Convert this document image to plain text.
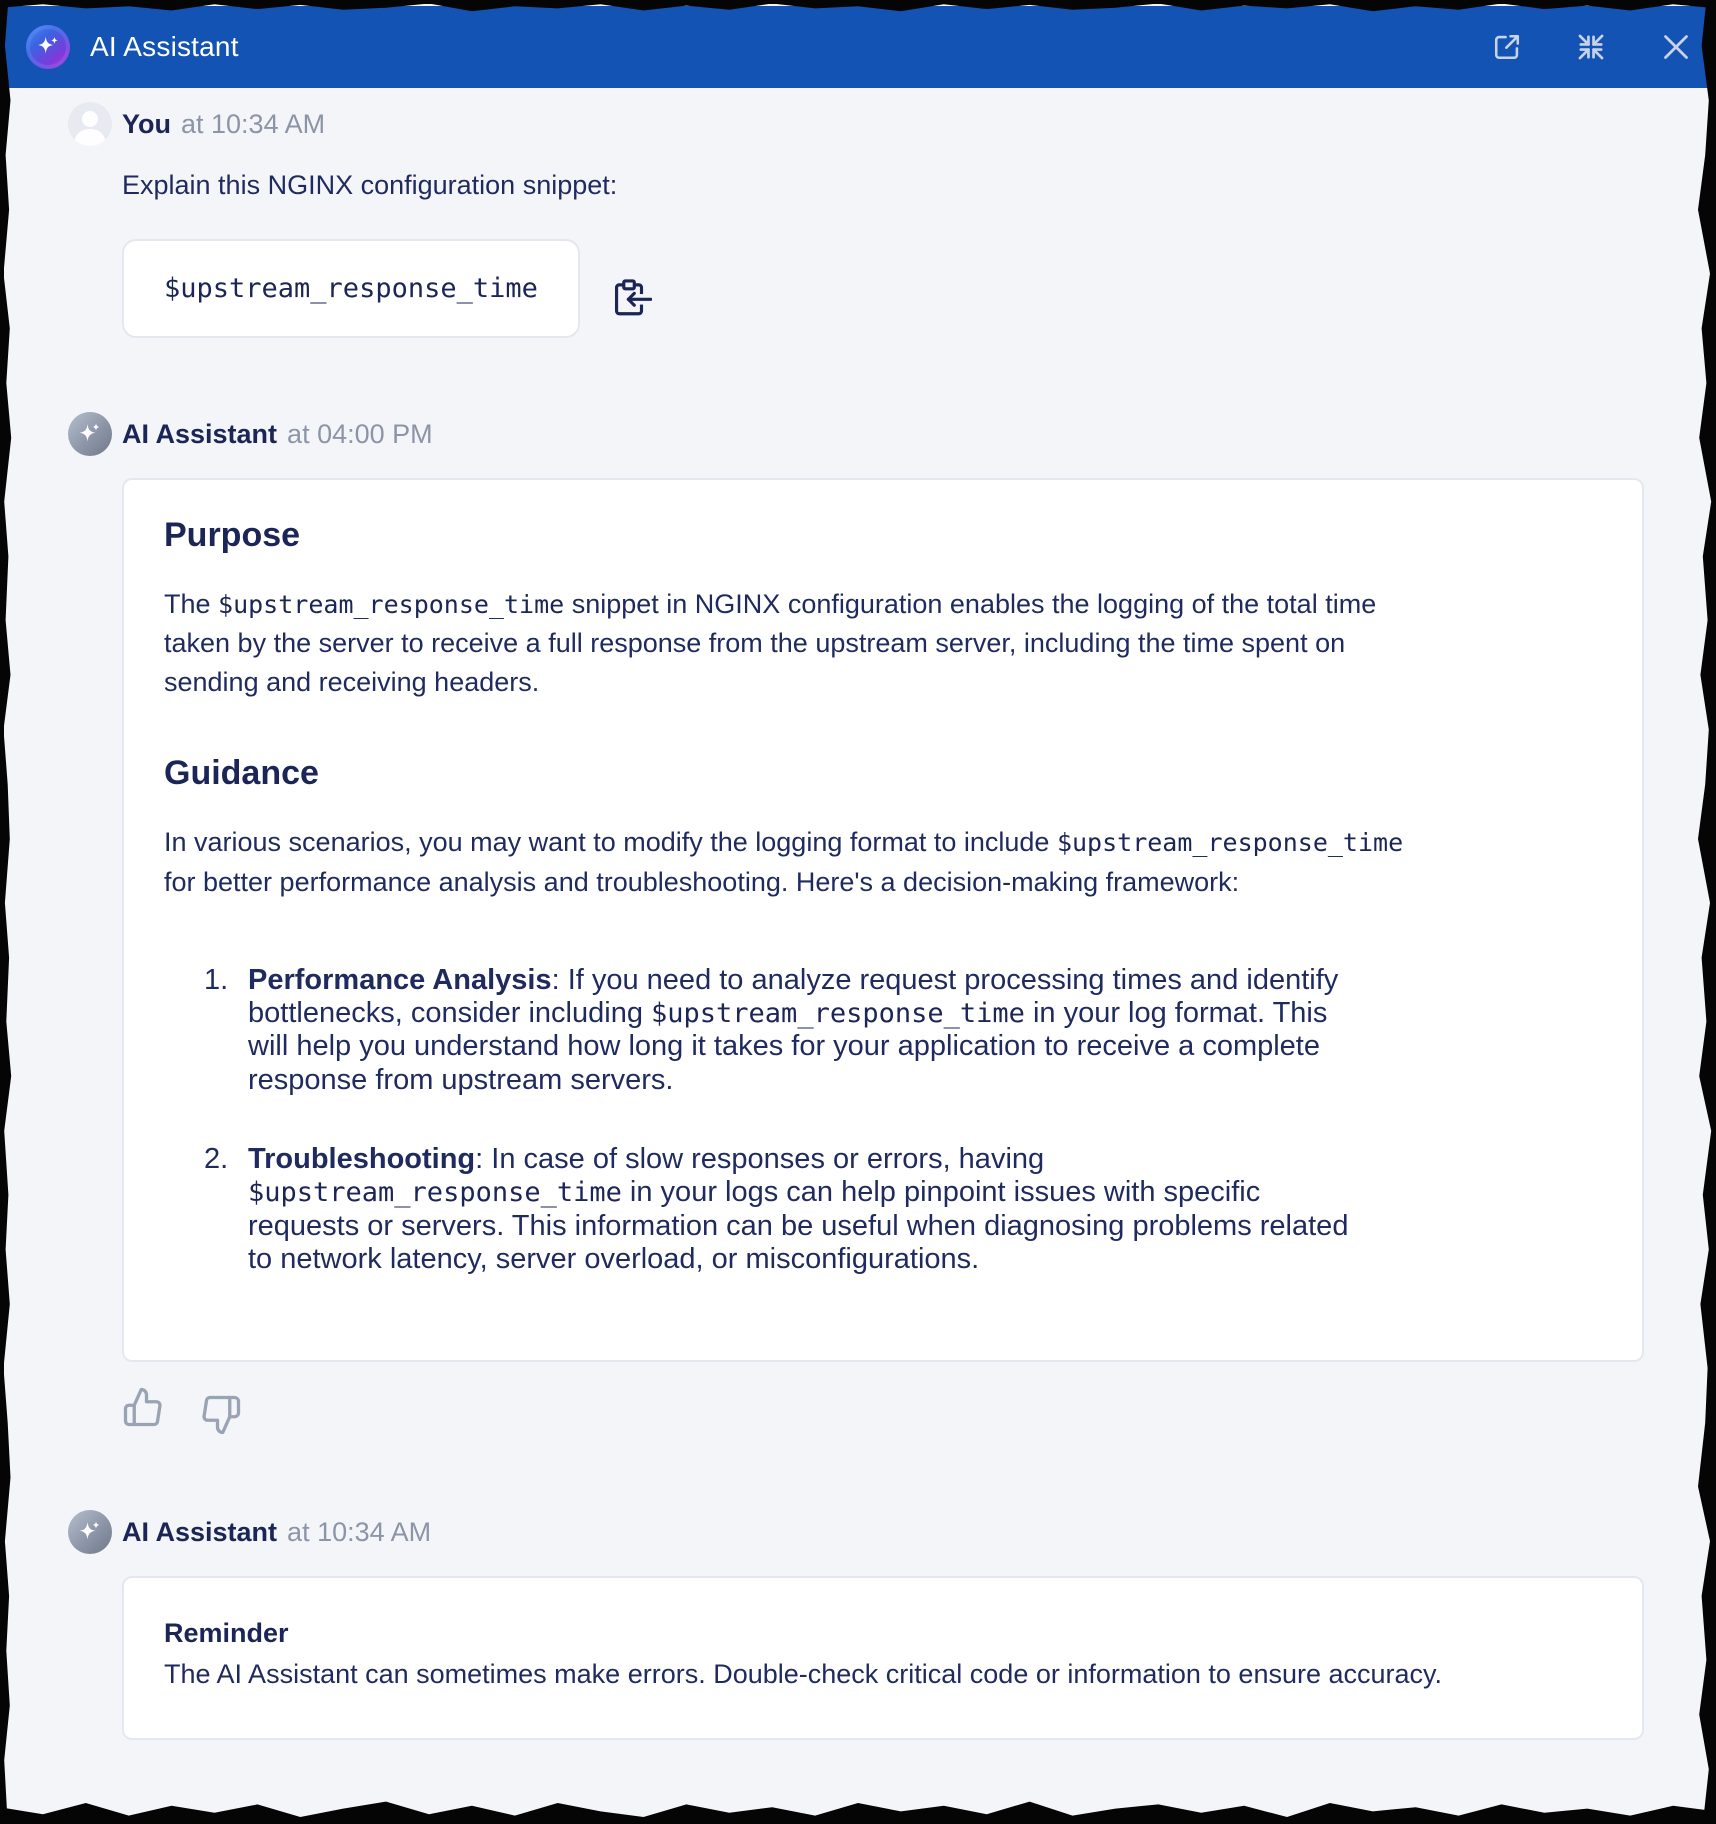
AI Assistant
You at 10:34 AM

Explain this NGINX configuration snippet:

$upstream_response_time
AI Assistant at 04:00 PM
Purpose

The $upstream_response_time snippet in NGINX configuration enables the logging of the total time taken by the server to receive a full response from the upstream server, including the time spent on sending and receiving headers.

Guidance

In various scenarios, you may want to modify the logging format to include $upstream_response_time for better performance analysis and troubleshooting. Here's a decision-making framework:

1. Performance Analysis: If you need to analyze request processing times and identify bottlenecks, consider including $upstream_response_time in your log format. This will help you understand how long it takes for your application to receive a complete response from upstream servers.
2. Troubleshooting: In case of slow responses or errors, having $upstream_response_time in your logs can help pinpoint issues with specific requests or servers. This information can be useful when diagnosing problems related to network latency, server overload, or misconfigurations.
AI Assistant at 10:34 AM
Reminder
The AI Assistant can sometimes make errors. Double-check critical code or information to ensure accuracy.
